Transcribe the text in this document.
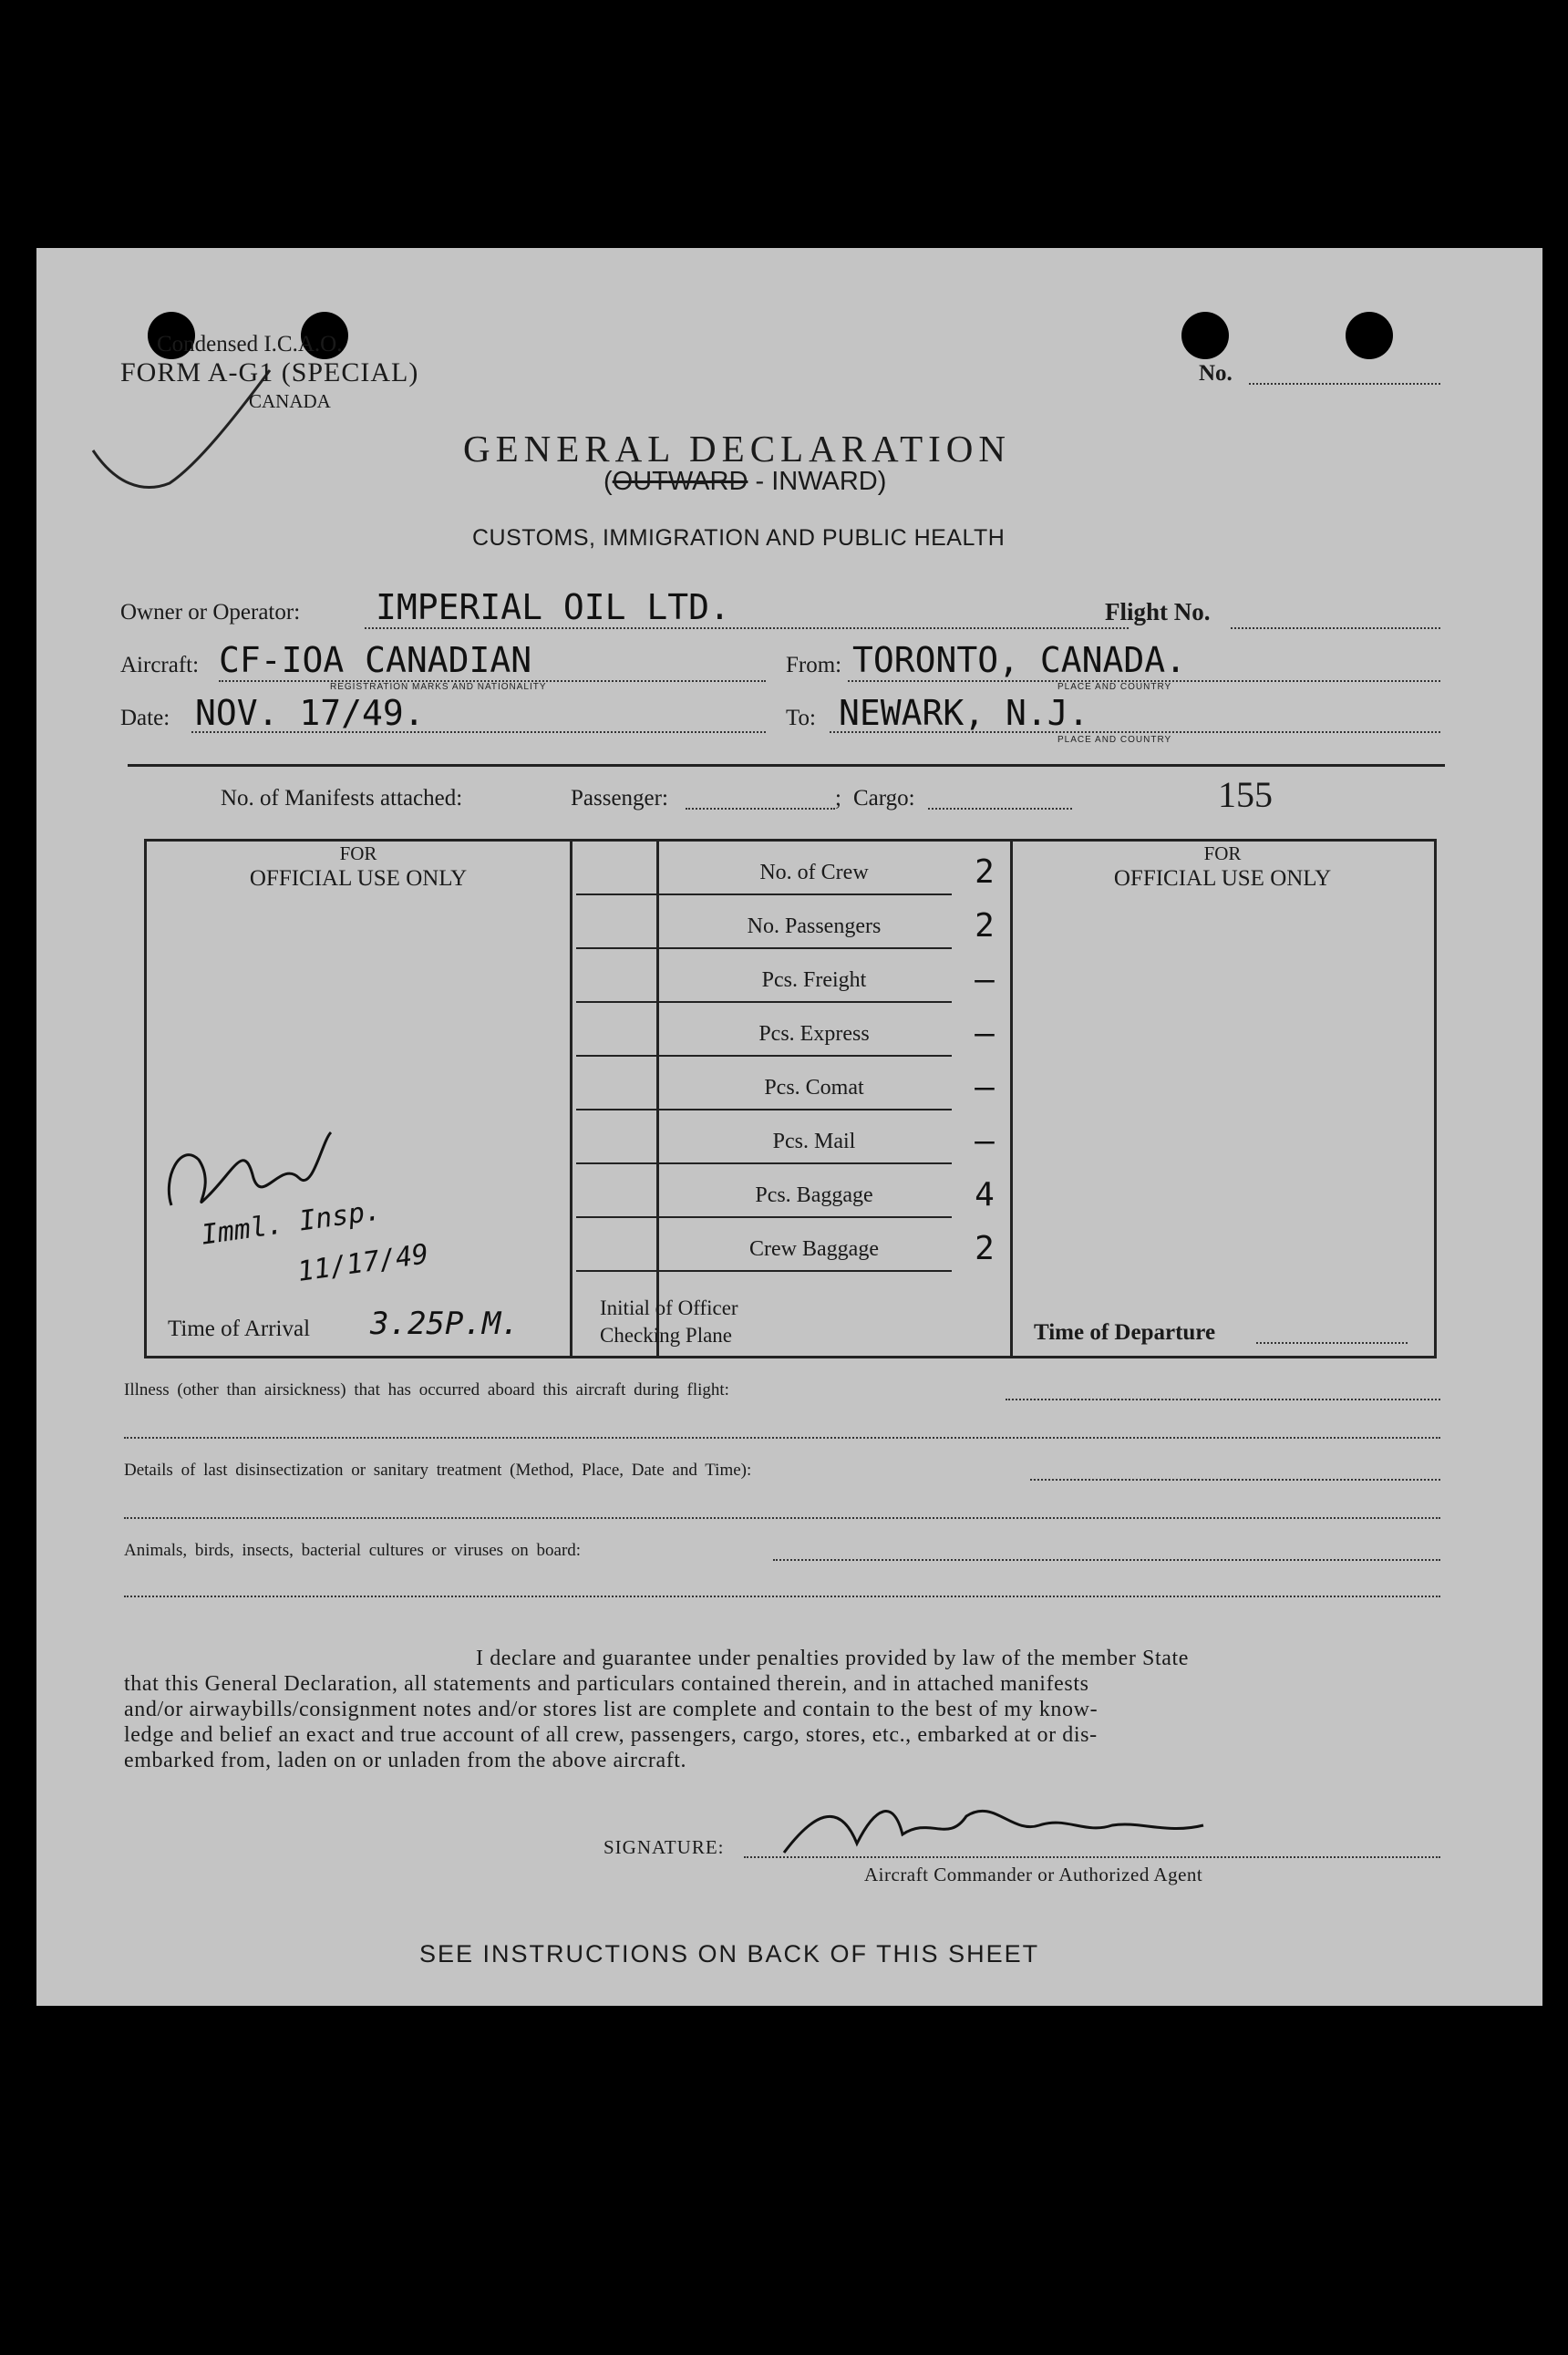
Condensed I.C.A.O.
FORM A-G1 (SPECIAL)
CANADA
No.
GENERAL DECLARATION
(OUTWARD - INWARD)
CUSTOMS, IMMIGRATION AND PUBLIC HEALTH
Owner or Operator: IMPERIAL OIL LTD.	Flight No.
Aircraft: CF-IOA CANADIAN
REGISTRATION MARKS AND NATIONALITY
From: TORONTO, CANADA.
PLACE AND COUNTRY
Date: NOV. 17/49.	To: NEWARK, N.J.
PLACE AND COUNTRY
No. of Manifests attached:	Passenger:	; Cargo:	155
FOR
OFFICIAL USE ONLY
FOR
OFFICIAL USE ONLY
No. of Crew	2
No. Passengers	2
Pcs. Freight	—
Pcs. Express	—
Pcs. Comat	—
Pcs. Mail	—
Pcs. Baggage	4
Crew Baggage	2
Imml. Insp.
11/17/49
Time of Arrival 3.25P.M.	Initial of Officer
Checking Plane	Time of Departure
Illness (other than airsickness) that has occurred aboard this aircraft during flight:
Details of last disinsectization or sanitary treatment (Method, Place, Date and Time):
Animals, birds, insects, bacterial cultures or viruses on board:
I declare and guarantee under penalties provided by law of the member State
that this General Declaration, all statements and particulars contained therein, and in attached manifests
and/or airwaybills/consignment notes and/or stores list are complete and contain to the best of my know-
ledge and belief an exact and true account of all crew, passengers, cargo, stores, etc., embarked at or dis-
embarked from, laden on or unladen from the above aircraft.
SIGNATURE:
Aircraft Commander or Authorized Agent
SEE INSTRUCTIONS ON BACK OF THIS SHEET
